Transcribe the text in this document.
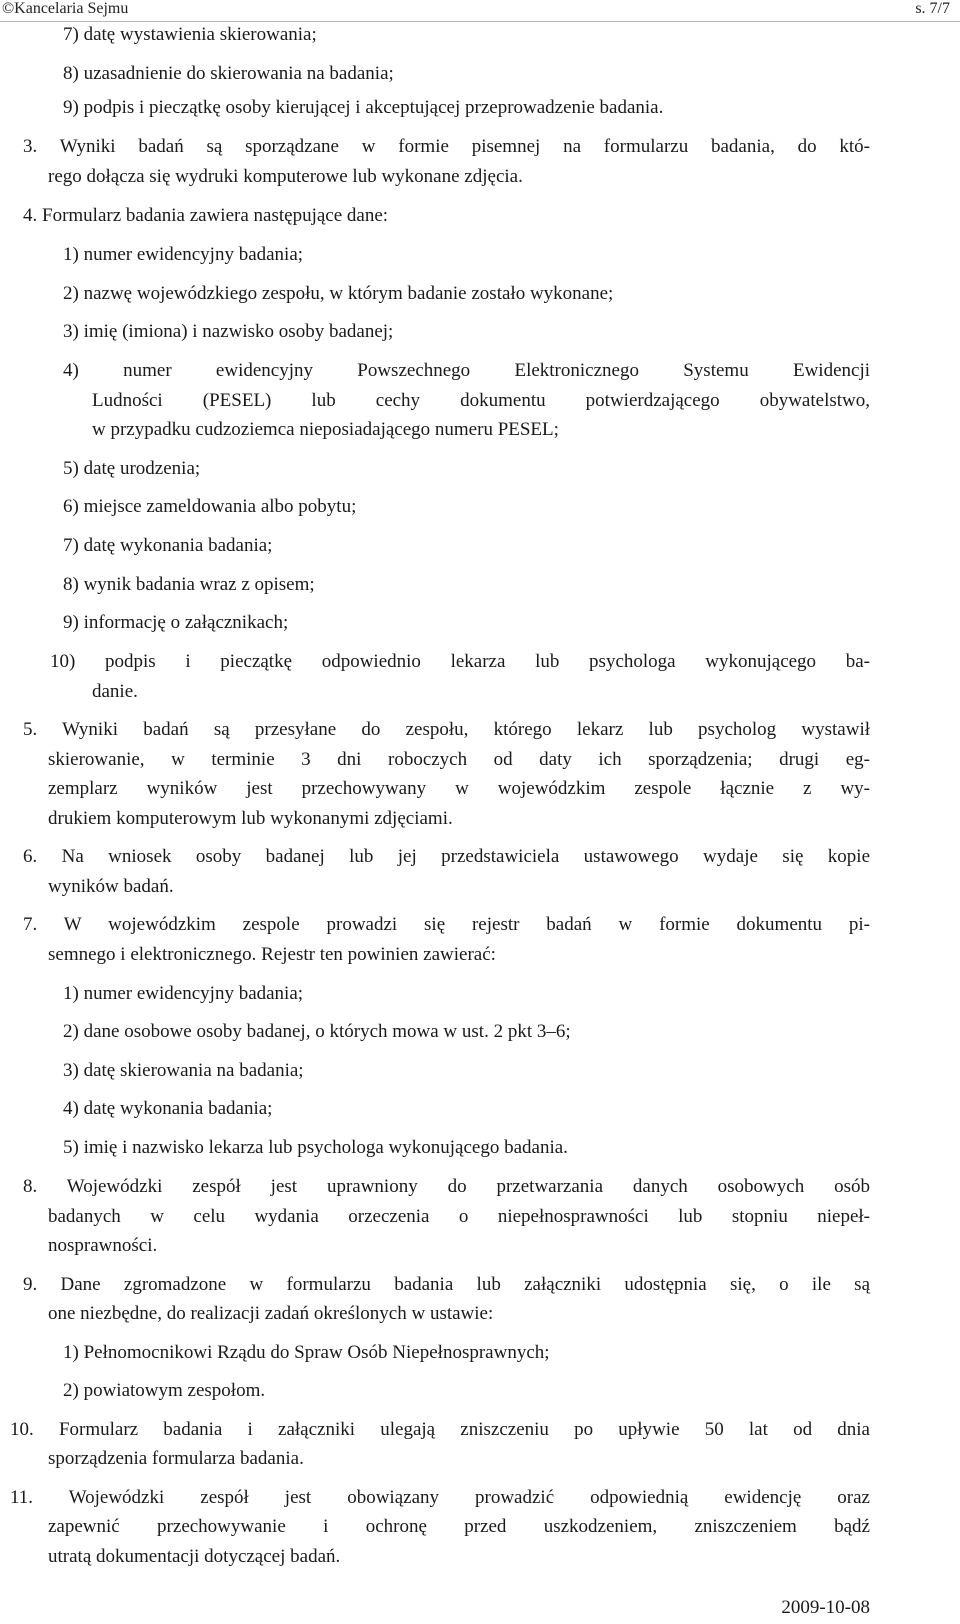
©Kancelaria Sejmu	s. 7/7
7) datę wystawienia skierowania;
8) uzasadnienie do skierowania na badania;
9) podpis i pieczątkę osoby kierującej i akceptującej przeprowadzenie badania.
3. Wyniki badań są sporządzane w formie pisemnej na formularzu badania, do któ-
rego dołącza się wydruki komputerowe lub wykonane zdjęcia.
4. Formularz badania zawiera następujące dane:
1) numer ewidencyjny badania;
2) nazwę wojewódzkiego zespołu, w którym badanie zostało wykonane;
3) imię (imiona) i nazwisko osoby badanej;
4) numer ewidencyjny Powszechnego Elektronicznego Systemu Ewidencji
Ludności (PESEL) lub cechy dokumentu potwierdzającego obywatelstwo,
w przypadku cudzoziemca nieposiadającego numeru PESEL;
5) datę urodzenia;
6) miejsce zameldowania albo pobytu;
7) datę wykonania badania;
8) wynik badania wraz z opisem;
9) informację o załącznikach;
10) podpis i pieczątkę odpowiednio lekarza lub psychologa wykonującego ba-
danie.
5. Wyniki badań są przesyłane do zespołu, którego lekarz lub psycholog wystawił
skierowanie, w terminie 3 dni roboczych od daty ich sporządzenia; drugi eg-
zemplarz wyników jest przechowywany w wojewódzkim zespole łącznie z wy-
drukiem komputerowym lub wykonanymi zdjęciami.
6. Na wniosek osoby badanej lub jej przedstawiciela ustawowego wydaje się kopie
wyników badań.
7. W wojewódzkim zespole prowadzi się rejestr badań w formie dokumentu pi-
semnego i elektronicznego. Rejestr ten powinien zawierać:
1) numer ewidencyjny badania;
2) dane osobowe osoby badanej, o których mowa w ust. 2 pkt 3–6;
3) datę skierowania na badania;
4) datę wykonania badania;
5) imię i nazwisko lekarza lub psychologa wykonującego badania.
8. Wojewódzki zespół jest uprawniony do przetwarzania danych osobowych osób
badanych w celu wydania orzeczenia o niepełnosprawności lub stopniu niepeł-
nosprawności.
9. Dane zgromadzone w formularzu badania lub załączniki udostępnia się, o ile są
one niezbędne, do realizacji zadań określonych w ustawie:
1) Pełnomocnikowi Rządu do Spraw Osób Niepełnosprawnych;
2) powiatowym zespołom.
10. Formularz badania i załączniki ulegają zniszczeniu po upływie 50 lat od dnia
sporządzenia formularza badania.
11. Wojewódzki zespół jest obowiązany prowadzić odpowiednią ewidencję oraz
zapewnić przechowywanie i ochronę przed uszkodzeniem, zniszczeniem bądź
utratą dokumentacji dotyczącej badań.
2009-10-08
